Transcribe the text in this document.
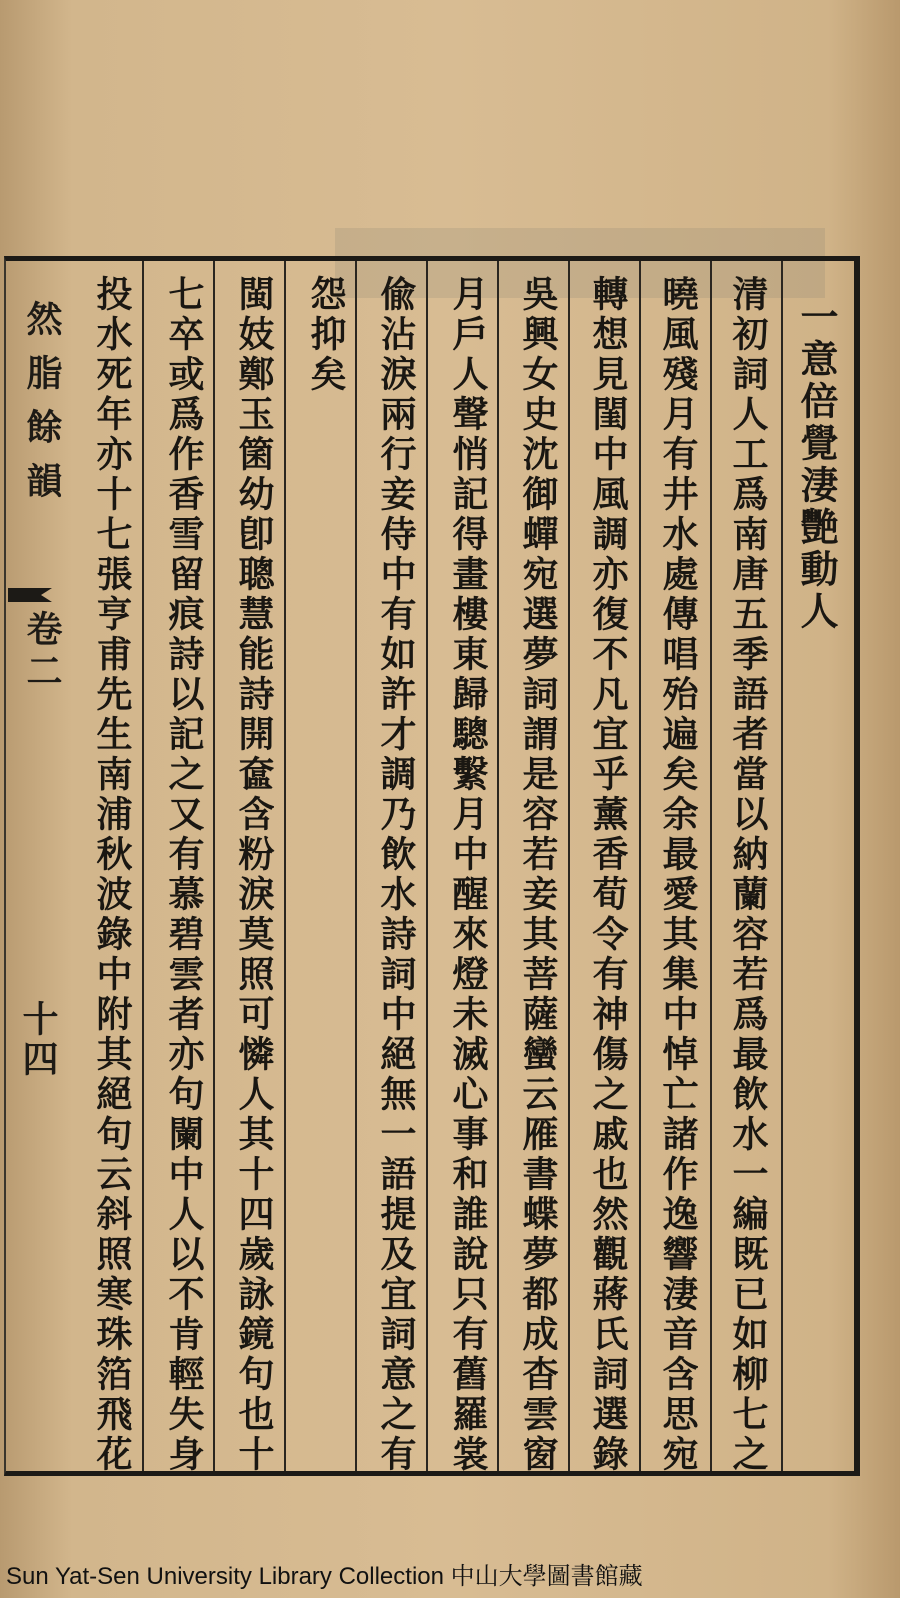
然脂餘韻
卷二
十四
一意倍覺淒艷動人
清初詞人工爲南唐五季語者當以納蘭容若爲最飲水一編既已如柳七之
曉風殘月有井水處傳唱殆遍矣余最愛其集中悼亡諸作逸響淒音含思宛
轉想見閨中風調亦復不凡宜乎薰香荀令有神傷之戚也然觀蔣氏詞選錄
吳興女史沈御蟬宛選夢詞謂是容若妾其菩薩蠻云雁書蝶夢都成杳雲窗
月戶人聲悄記得畫樓東歸驄繫月中醒來燈未滅心事和誰說只有舊羅裳
偸沾淚兩行妾侍中有如許才調乃飲水詩詞中絕無一語提及宜詞意之有
怨抑矣
閩妓鄭玉箘幼卽聰慧能詩開奩含粉淚莫照可憐人其十四歲詠鏡句也十
七卒或爲作香雪留痕詩以記之又有慕碧雲者亦句闌中人以不肯輕失身
投水死年亦十七張亨甫先生南浦秋波錄中附其絕句云斜照寒珠箔飛花
Sun Yat-Sen University Library Collection 中山大學圖書館藏
